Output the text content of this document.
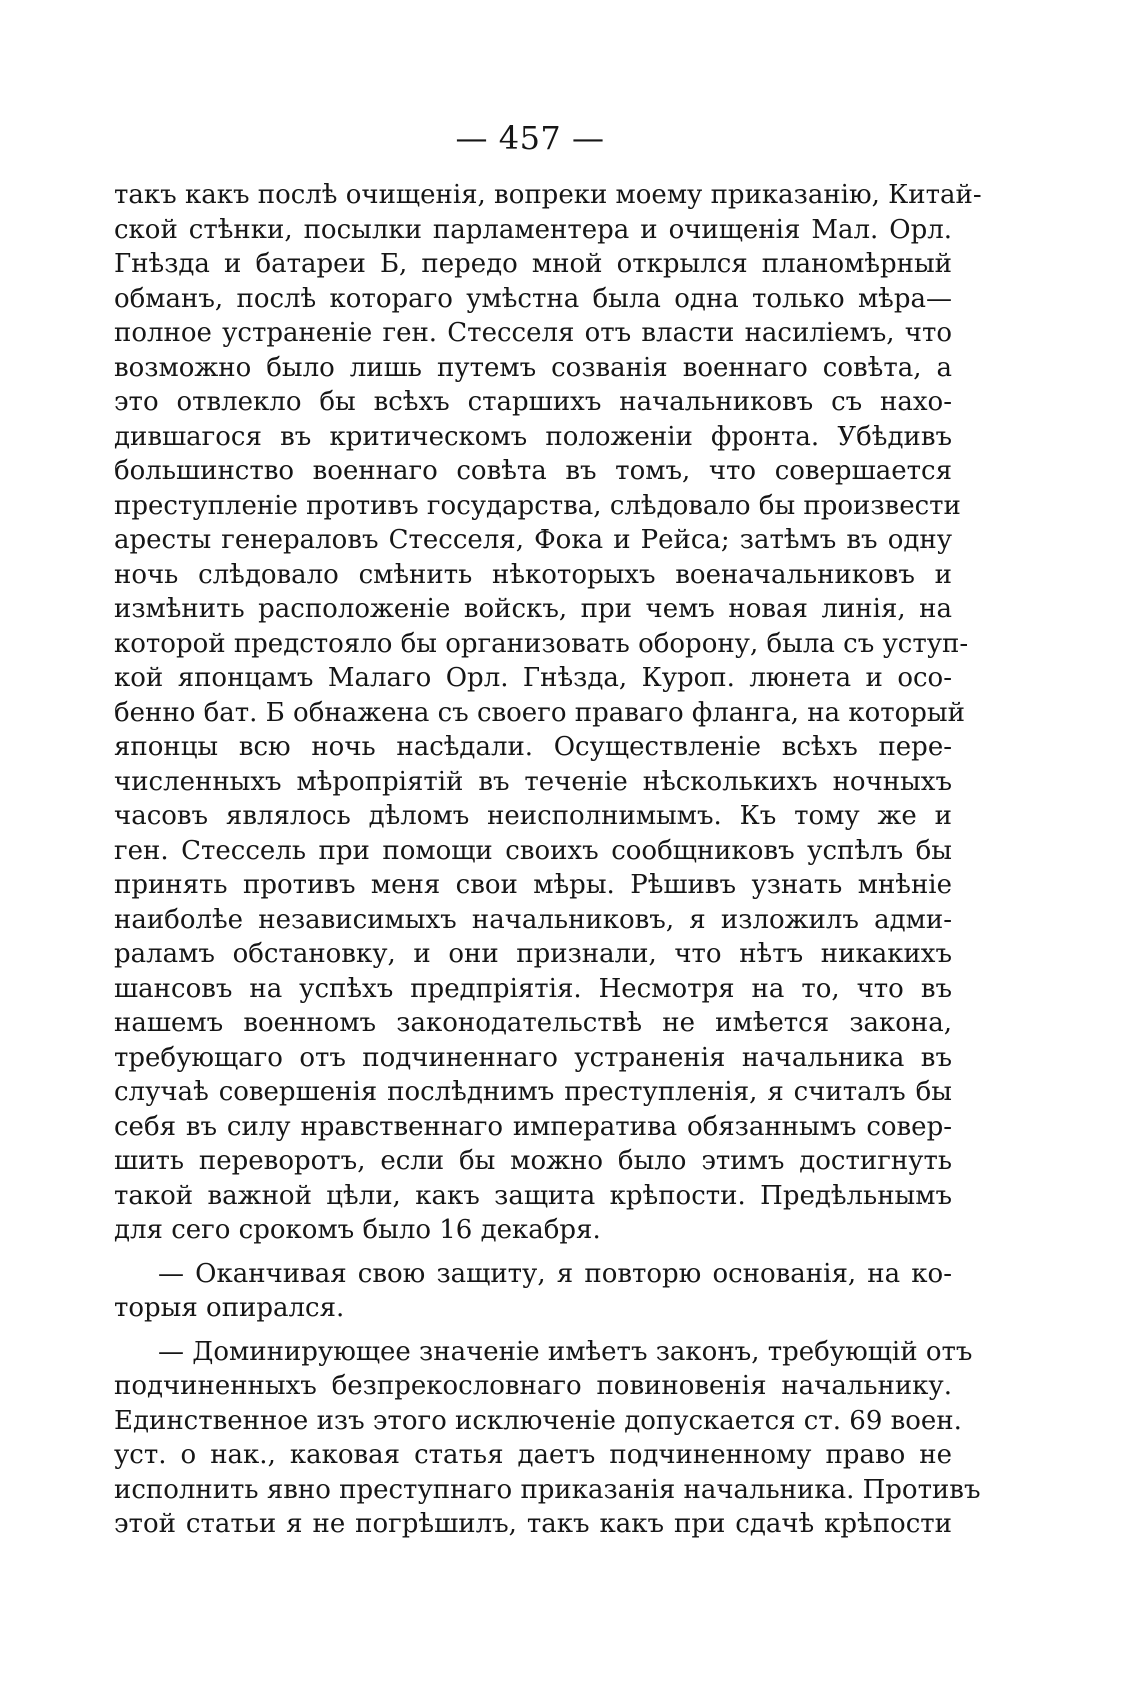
— 457 —
такъ какъ послѣ очищенія, вопреки моему приказанію, Китай-
ской стѣнки, посылки парламентера и очищенія Мал. Орл.
Гнѣзда и батареи Б, передо мной открылся планомѣрный
обманъ, послѣ котораго умѣстна была одна только мѣра—
полное устраненіе ген. Стесселя отъ власти насиліемъ, что
возможно было лишь путемъ созванія военнаго совѣта, а
это отвлекло бы всѣхъ старшихъ начальниковъ съ нахо-
дившагося въ критическомъ положеніи фронта. Убѣдивъ
большинство военнаго совѣта въ томъ, что совершается
преступленіе противъ государства, слѣдовало бы произвести
аресты генераловъ Стесселя, Фока и Рейса; затѣмъ въ одну
ночь слѣдовало смѣнить нѣкоторыхъ военачальниковъ и
измѣнить расположеніе войскъ, при чемъ новая линія, на
которой предстояло бы организовать оборону, была съ уступ-
кой японцамъ Малаго Орл. Гнѣзда, Куроп. люнета и осо-
бенно бат. Б обнажена съ своего праваго фланга, на который
японцы всю ночь насѣдали. Осуществленіе всѣхъ пере-
численныхъ мѣропріятій въ теченіе нѣсколькихъ ночныхъ
часовъ являлось дѣломъ неисполнимымъ. Къ тому же и
ген. Стессель при помощи своихъ сообщниковъ успѣлъ бы
принять противъ меня свои мѣры. Рѣшивъ узнать мнѣніе
наиболѣе независимыхъ начальниковъ, я изложилъ адми-
раламъ обстановку, и они признали, что нѣтъ никакихъ
шансовъ на успѣхъ предпріятія. Несмотря на то, что въ
нашемъ военномъ законодательствѣ не имѣется закона,
требующаго отъ подчиненнаго устраненія начальника въ
случаѣ совершенія послѣднимъ преступленія, я считалъ бы
себя въ силу нравственнаго императива обязаннымъ совер-
шить переворотъ, если бы можно было этимъ достигнуть
такой важной цѣли, какъ защита крѣпости. Предѣльнымъ
для сего срокомъ было 16 декабря.
— Оканчивая свою защиту, я повторю основанія, на ко-
торыя опирался.
— Доминирующее значеніе имѣетъ законъ, требующій отъ
подчиненныхъ безпрекословнаго повиновенія начальнику.
Единственное изъ этого исключеніе допускается ст. 69 воен.
уст. о нак., каковая статья даетъ подчиненному право не
исполнить явно преступнаго приказанія начальника. Противъ
этой статьи я не погрѣшилъ, такъ какъ при сдачѣ крѣпости
